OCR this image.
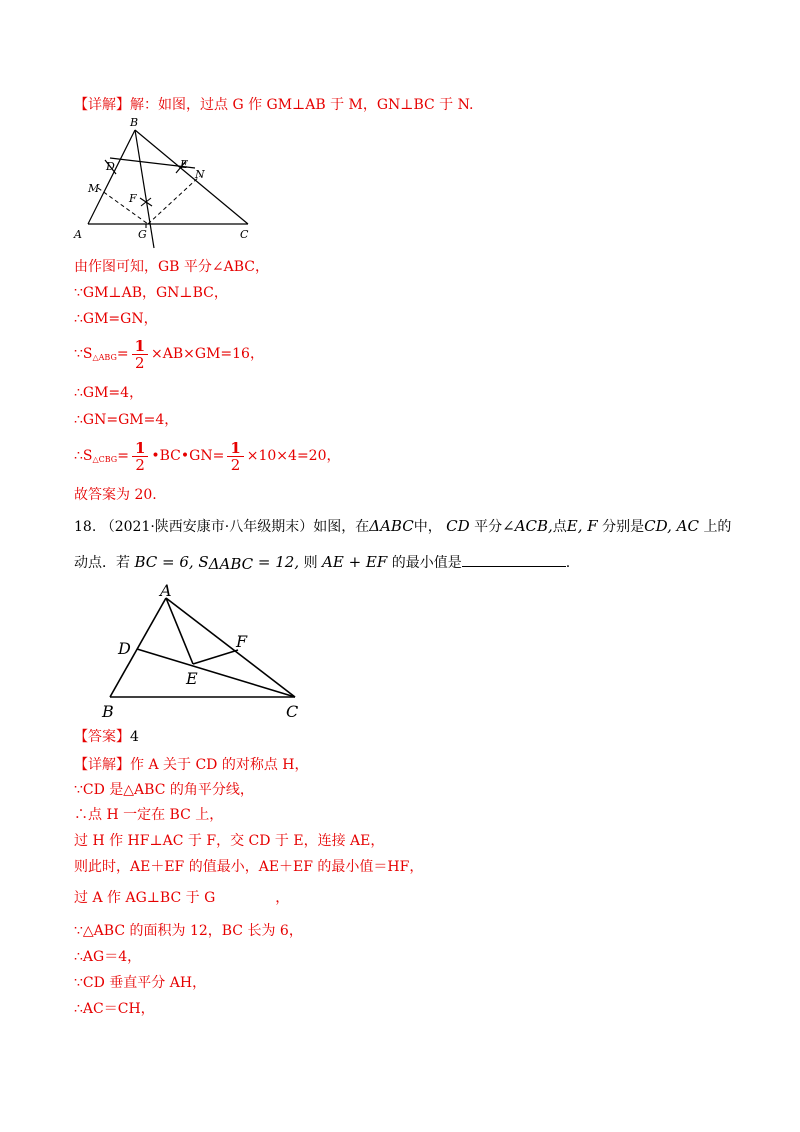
【详解】解：如图，过点 G 作 GM⊥AB 于 M，GN⊥BC 于 N.
B
D	E
N
M
F
A	G	C
由作图可知，GB 平分∠ABC，
∵GM⊥AB，GN⊥BC，
∴GM=GN，
$\because S_{\triangle ABG}= \frac{1}{2} \times AB\times GM=16$，
∴GM=4，
∴GN=GM=4，
$\therefore S_{\triangle CBG}= \frac{1}{2}$ •BC•GN= $\frac{1}{2} \times 10\times 4=20$，
故答案为 20.
18. （2021·陕西安康市·八年级期末）如图，在ΔABC中， CD 平分∠ACB,点E, F 分别是CD, AC 上的
动点．若 BC = 6, SΔABC = 12, 则 AE + EF 的最小值是	.
A
D	F
E
B	C
【答案】4
【详解】作 A 关于 CD 的对称点 H，
∵CD 是△ABC 的角平分线，
∴点 H 一定在 BC 上，
过 H 作 HF⊥AC 于 F，交 CD 于 E，连接 AE，
则此时，AE＋EF 的值最小，AE＋EF 的最小值＝HF，
过 A 作 AG⊥BC 于 G	，
∵△ABC 的面积为 12，BC 长为 6，
∴AG＝4，
∵CD 垂直平分 AH，
∴AC＝CH，
